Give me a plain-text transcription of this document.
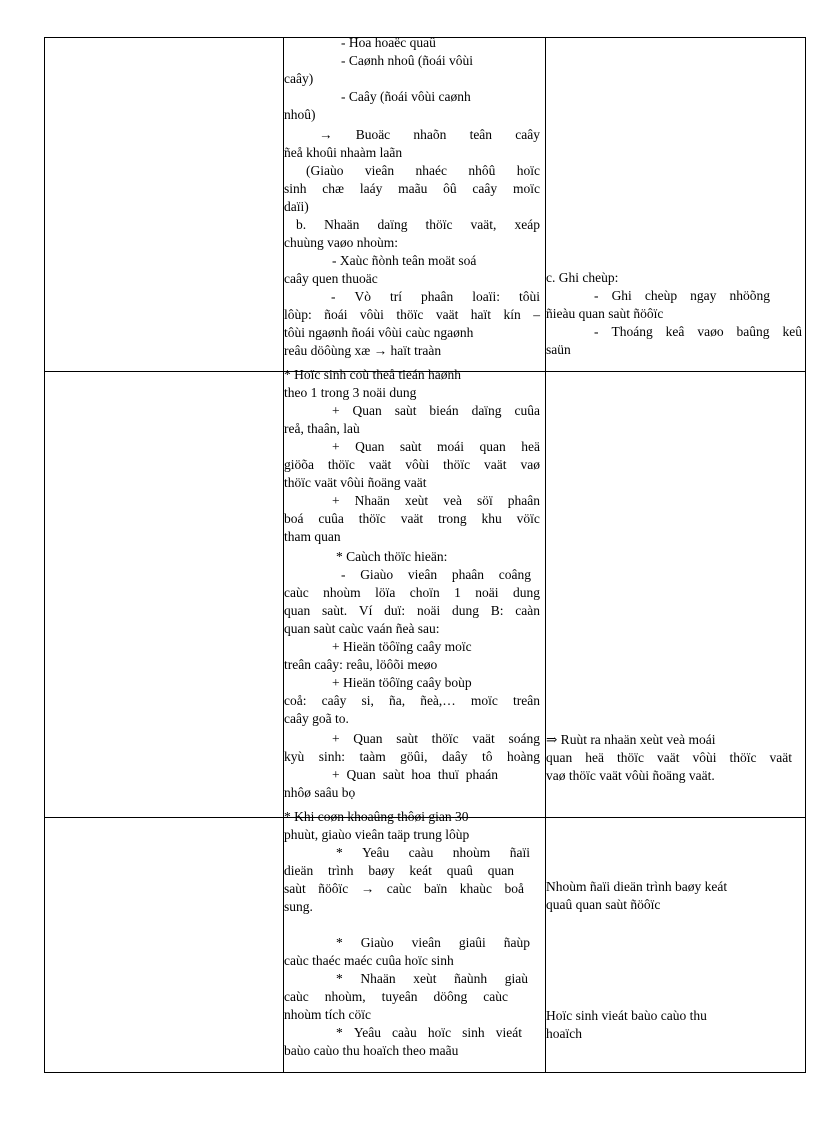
- Hoa hoaëc quaû
- Caønh nhoû (ñoái vôùi
caây)
- Caây (ñoái vôùi caønh
nhoû)
→ Buoäc nhaõn teân caây
ñeå khoûi nhaàm laãn
(Giaùo vieân nhaéc nhôû hoïc
sinh chæ laáy maãu ôû caây moïc
daïi)
b. Nhaän daïng thöïc vaät, xeáp
chuùng vaøo nhoùm:
- Xaùc ñònh teân moät soá
caây quen thuoäc
- Vò trí phaân loaïi: tôùi
lôùp: ñoái vôùi thöïc vaät haït kín –
tôùi ngaønh ñoái vôùi caùc ngaønh
reâu döôùng xæ → haït traàn
c. Ghi cheùp:
- Ghi cheùp ngay nhöõng
ñieàu quan saùt ñöôïc
- Thoáng keâ vaøo baûng keû
saün
* Hoïc sinh coù theå tieán haønh
theo 1 trong 3 noäi dung
+ Quan saùt bieán daïng cuûa
reå, thaân, laù
+ Quan saùt moái quan heä
giöõa thöïc vaät vôùi thöïc vaät vaø
thöïc vaät vôùi ñoäng vaät
+ Nhaän xeùt veà söï phaân
boá cuûa thöïc vaät trong khu vöïc
tham quan
* Caùch thöïc hieän:
- Giaùo vieân phaân coâng
caùc nhoùm löïa choïn 1 noäi dung
quan saùt. Ví duï: noäi dung B: caàn
quan saùt caùc vaán ñeà sau:
+ Hieän töôïng caây moïc
treân caây: reâu, löôõi meøo
+ Hieän töôïng caây boùp
coå: caây si, ña, ñeà,… moïc treân
caây goã to.
+ Quan saùt thöïc vaät soáng
kyù sinh: taàm göûi, daây tô hoàng
+ Quan saùt hoa thuï phaán
nhôø saâu bọ
⇒ Ruùt ra nhaän xeùt veà moái
quan heä thöïc vaät vôùi thöïc vaät
vaø thöïc vaät vôùi ñoäng vaät.
* Khi coøn khoaûng thôøi gian 30
phuùt, giaùo vieân taäp trung lôùp
* Yeâu caàu nhoùm ñaïi
dieän trình baøy keát quaû quan
saùt ñöôïc → caùc baïn khaùc boå
sung.
* Giaùo vieân giaûi ñaùp
caùc thaéc maéc cuûa hoïc sinh
* Nhaän xeùt ñaùnh giaù
caùc nhoùm, tuyeân döông caùc
nhoùm tích cöïc
* Yeâu caàu hoïc sinh vieát
baùo caùo thu hoaïch theo maãu
Nhoùm ñaïi dieän trình baøy keát
quaû quan saùt ñöôïc
Hoïc sinh vieát baùo caùo thu
hoaïch
